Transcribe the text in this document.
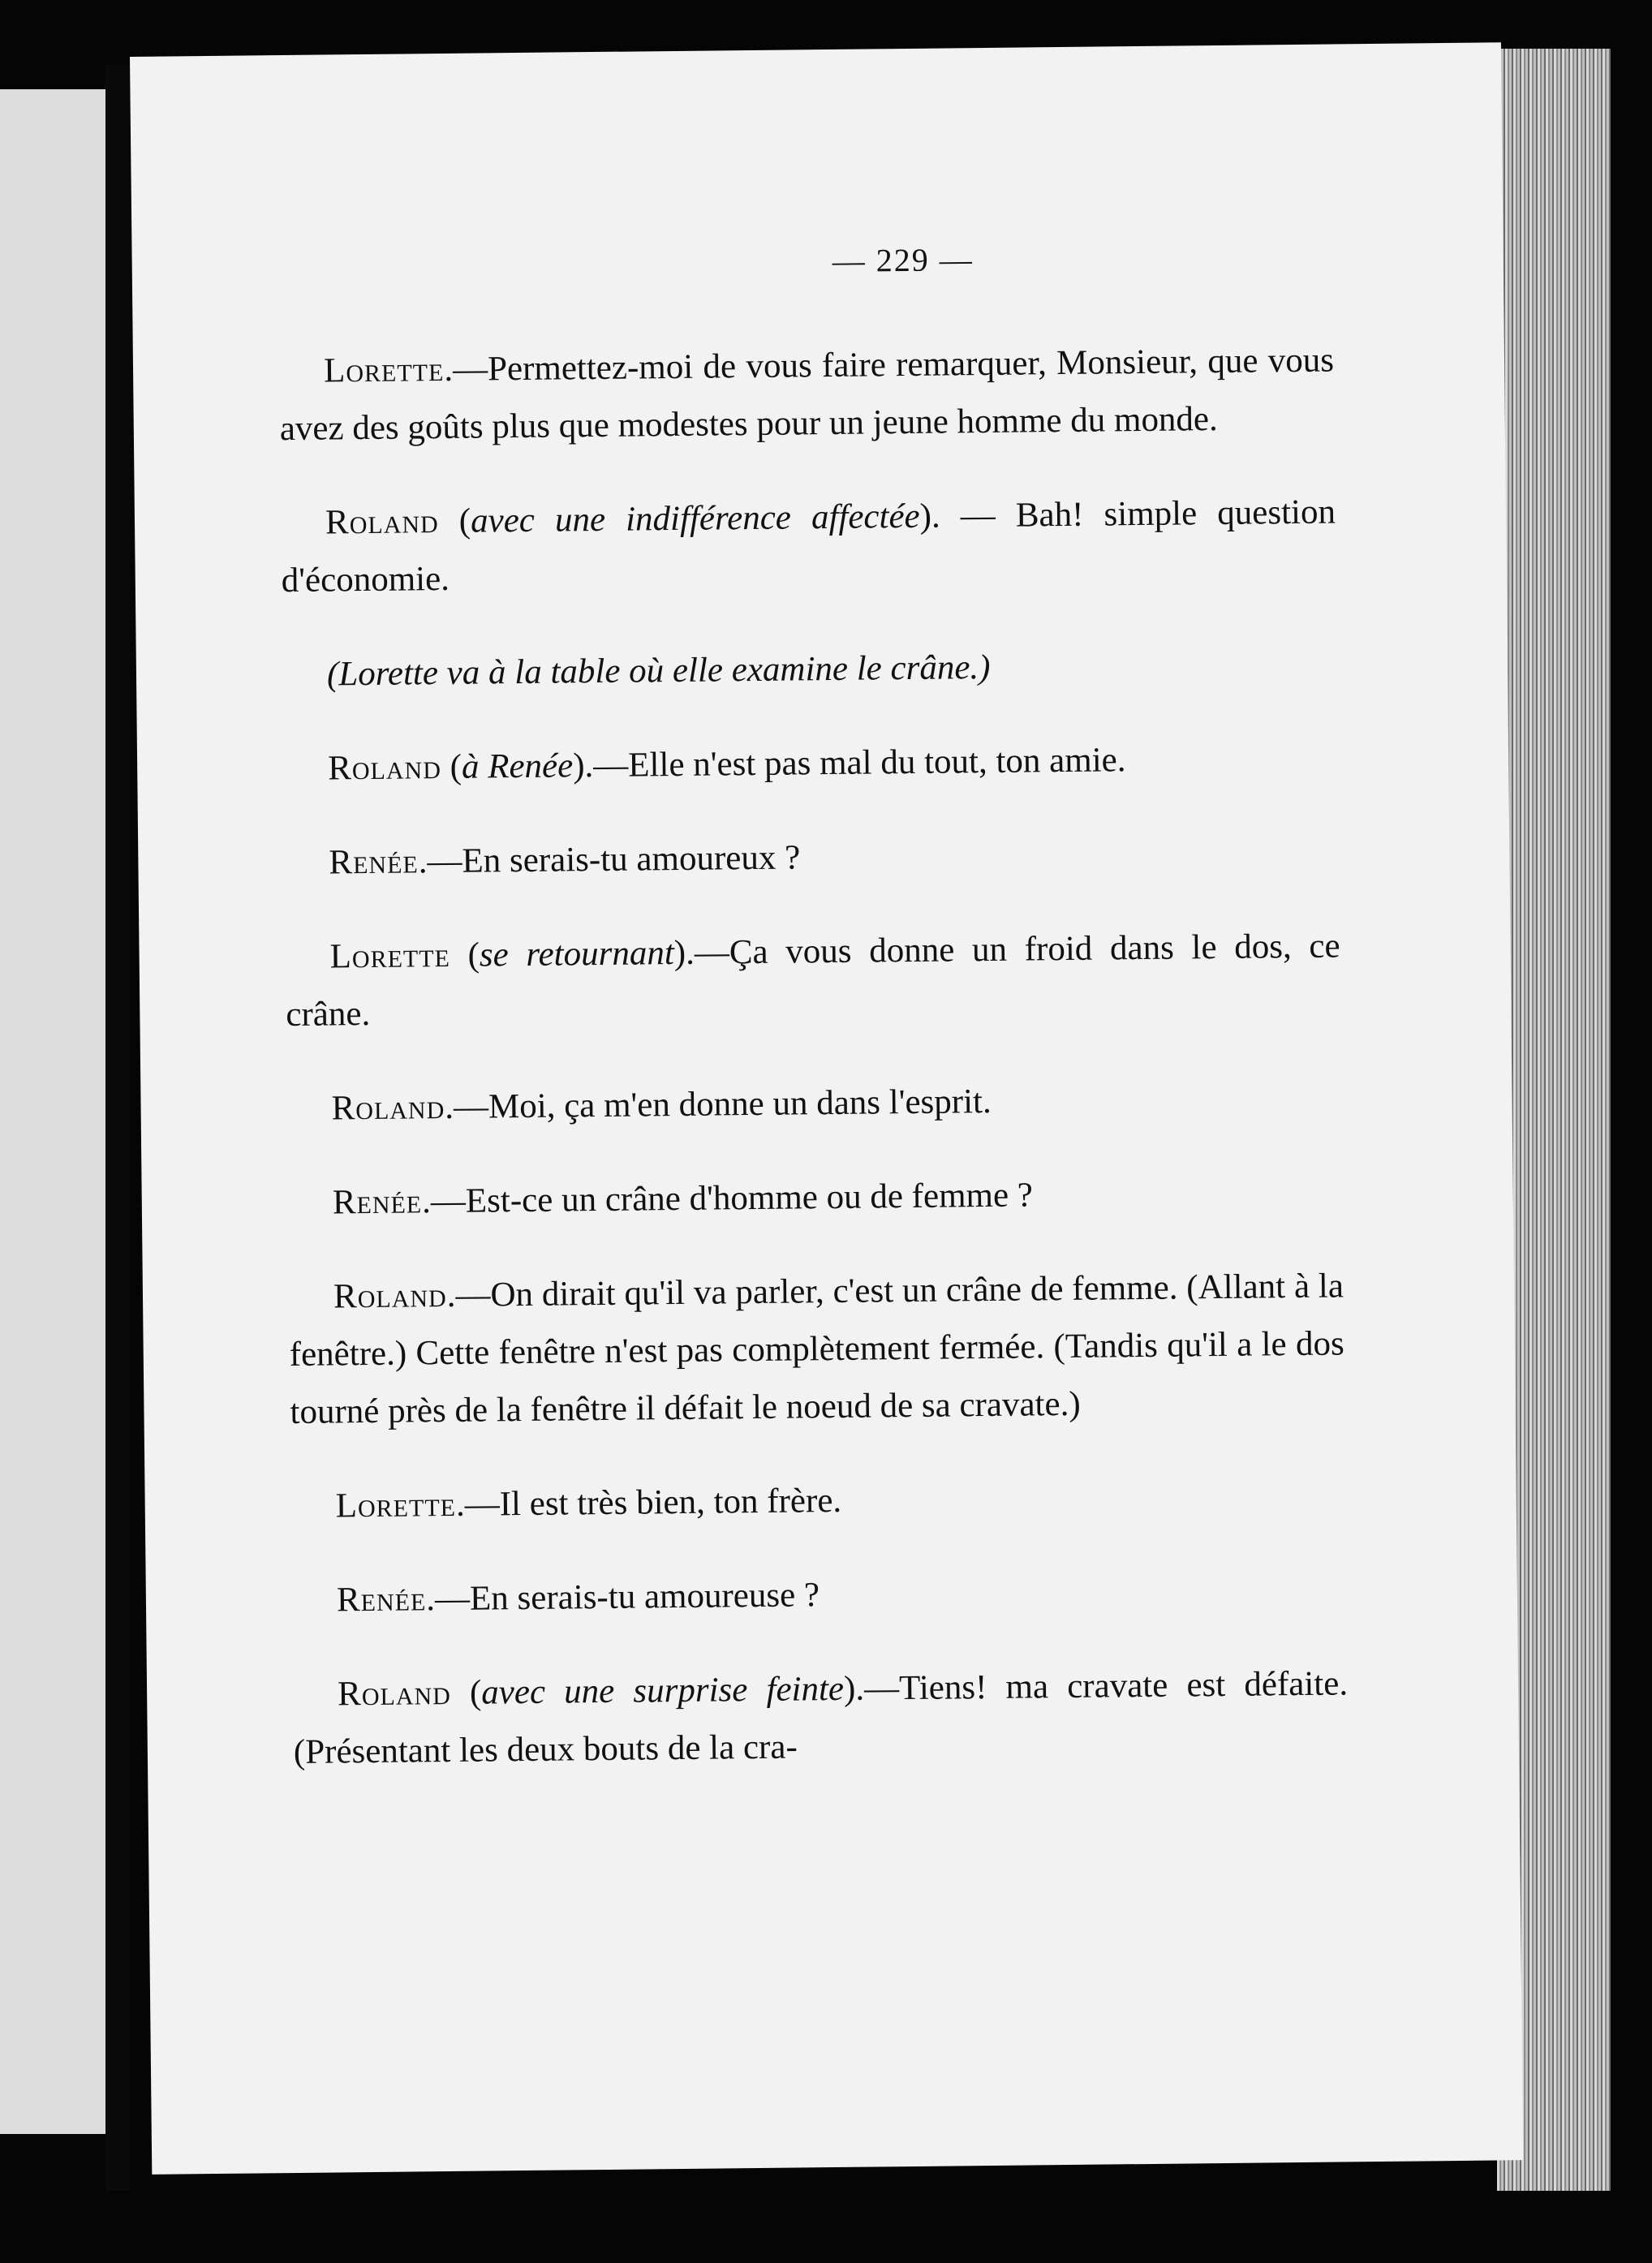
— 229 —

Lorette.—Permettez-moi de vous faire remarquer, Monsieur, que vous avez des goûts plus que modestes pour un jeune homme du monde.

Roland (avec une indifférence affectée). — Bah! simple question d'économie.

(Lorette va à la table où elle examine le crâne.)

Roland (à Renée).—Elle n'est pas mal du tout, ton amie.

Renée.—En serais-tu amoureux ?

Lorette (se retournant).—Ça vous donne un froid dans le dos, ce crâne.

Roland.—Moi, ça m'en donne un dans l'esprit.

Renée.—Est-ce un crâne d'homme ou de femme ?

Roland.—On dirait qu'il va parler, c'est un crâne de femme. (Allant à la fenêtre.) Cette fenêtre n'est pas complètement fermée. (Tandis qu'il a le dos tourné près de la fenêtre il défait le noeud de sa cravate.)

Lorette.—Il est très bien, ton frère.

Renée.—En serais-tu amoureuse ?

Roland (avec une surprise feinte).—Tiens! ma cravate est défaite. (Présentant les deux bouts de la cra-
